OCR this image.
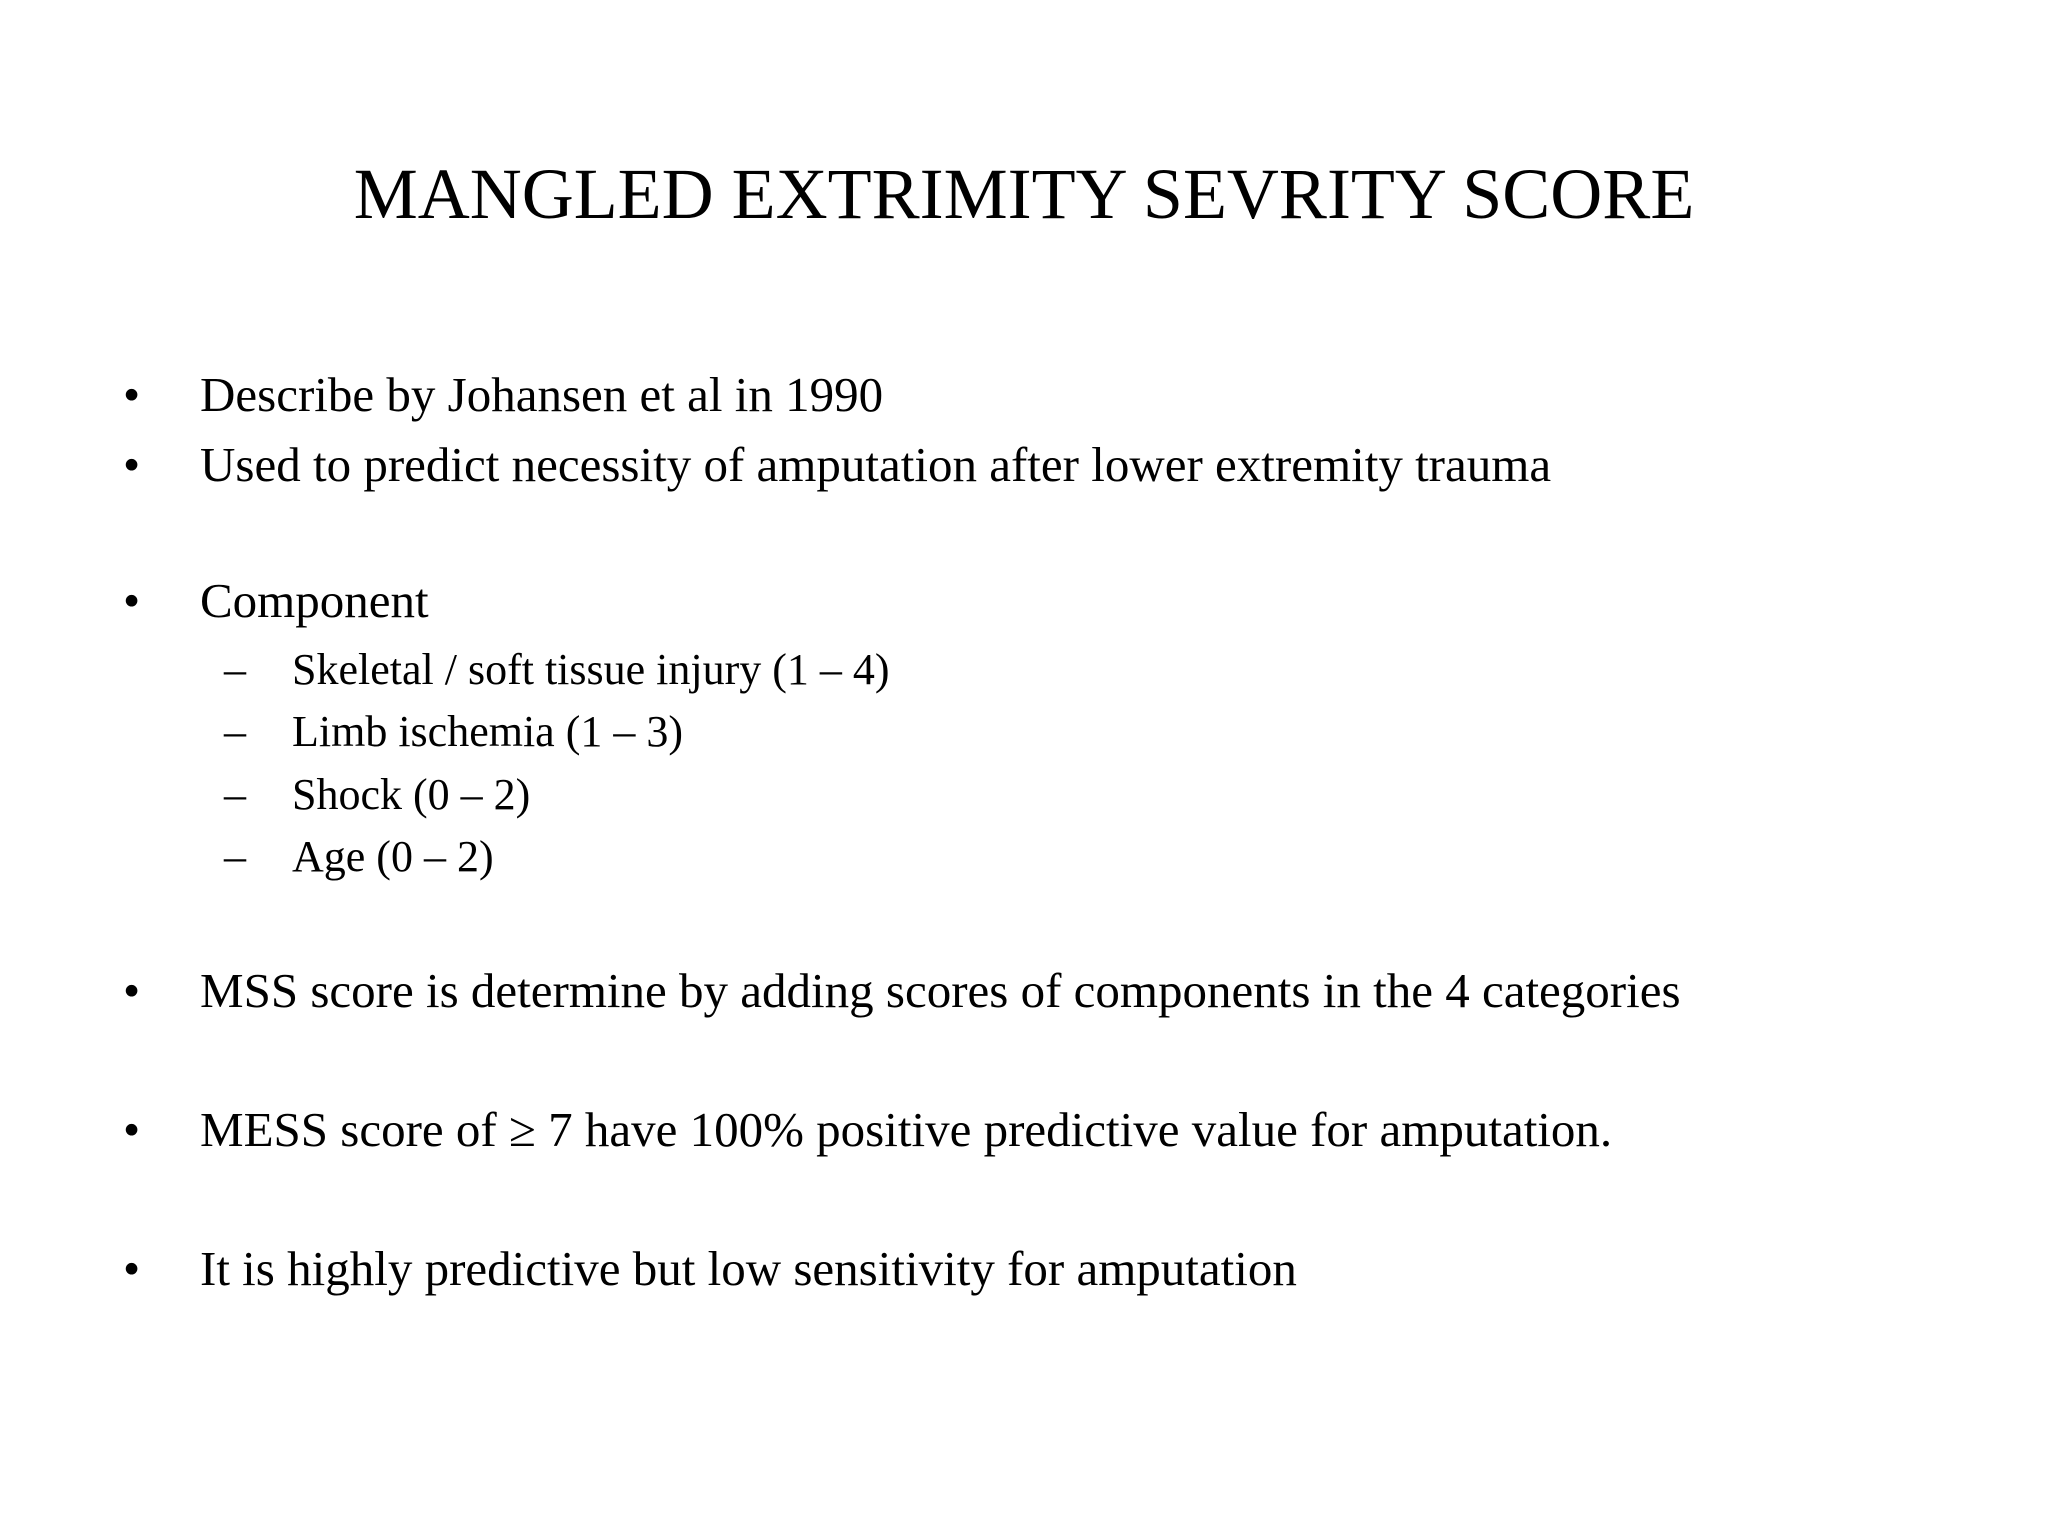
MANGLED EXTRIMITY SEVRITY SCORE
• Describe by Johansen et al in 1990
• Used to predict necessity of amputation after lower extremity trauma
• Component
– Skeletal / soft tissue injury (1 – 4)
– Limb ischemia (1 – 3)
– Shock (0 – 2)
– Age (0 – 2)
• MSS score is determine by adding scores of components in the 4 categories
• MESS score of ≥ 7 have 100% positive predictive value for amputation.
• It is highly predictive but low sensitivity for amputation
